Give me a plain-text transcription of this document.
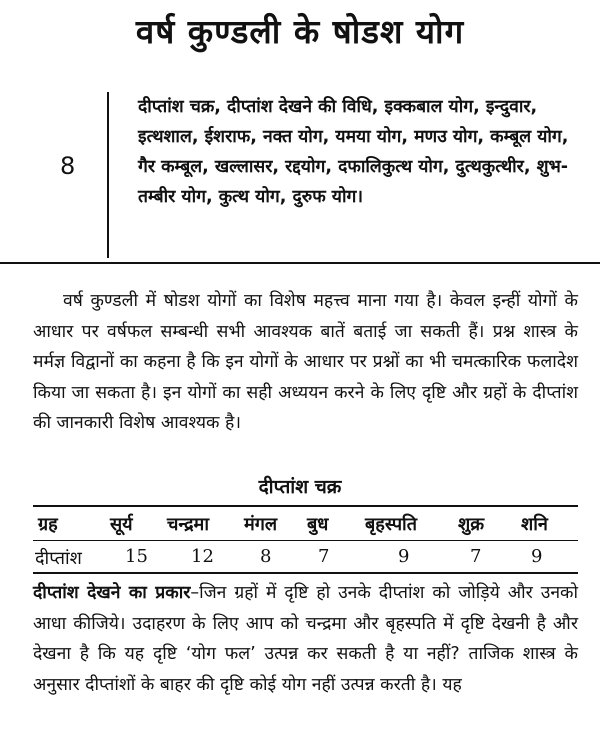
वर्ष कुण्डली के षोडश योग
8
दीप्तांश चक्र, दीप्तांश देखने की विधि, इक्कबाल योग, इन्दुवार, इत्थशाल, ईशराफ, नक्त योग, यमया योग, मणउ योग, कम्बूल योग, गैर कम्बूल, खल्लासर, रद्दयोग, दफालिकुत्थ योग, दुत्थकुत्थीर, शुभ-तम्बीर योग, कुत्थ योग, दुरुफ योग।
वर्ष कुण्डली में षोडश योगों का विशेष महत्त्व माना गया है। केवल इन्हीं योगों के आधार पर वर्षफल सम्बन्धी सभी आवश्यक बातें बताई जा सकती हैं। प्रश्न शास्त्र के मर्मज्ञ विद्वानों का कहना है कि इन योगों के आधार पर प्रश्नों का भी चमत्कारिक फलादेश किया जा सकता है। इन योगों का सही अध्ययन करने के लिए दृष्टि और ग्रहों के दीप्तांश की जानकारी विशेष आवश्यक है।
दीप्तांश चक्र
ग्रह	सूर्य चन्द्रमा मंगल बुध बृहस्पति शुक्र शनि
दीप्तांश 15 12	8	7	9	7	9
दीप्तांश देखने का प्रकार–जिन ग्रहों में दृष्टि हो उनके दीप्तांश को जोड़िये और उनको आधा कीजिये। उदाहरण के लिए आप को चन्द्रमा और बृहस्पति में दृष्टि देखनी है और देखना है कि यह दृष्टि ‘योग फल’ उत्पन्न कर सकती है या नहीं? ताजिक शास्त्र के अनुसार दीप्तांशों के बाहर की दृष्टि कोई योग नहीं उत्पन्न करती है। यह
